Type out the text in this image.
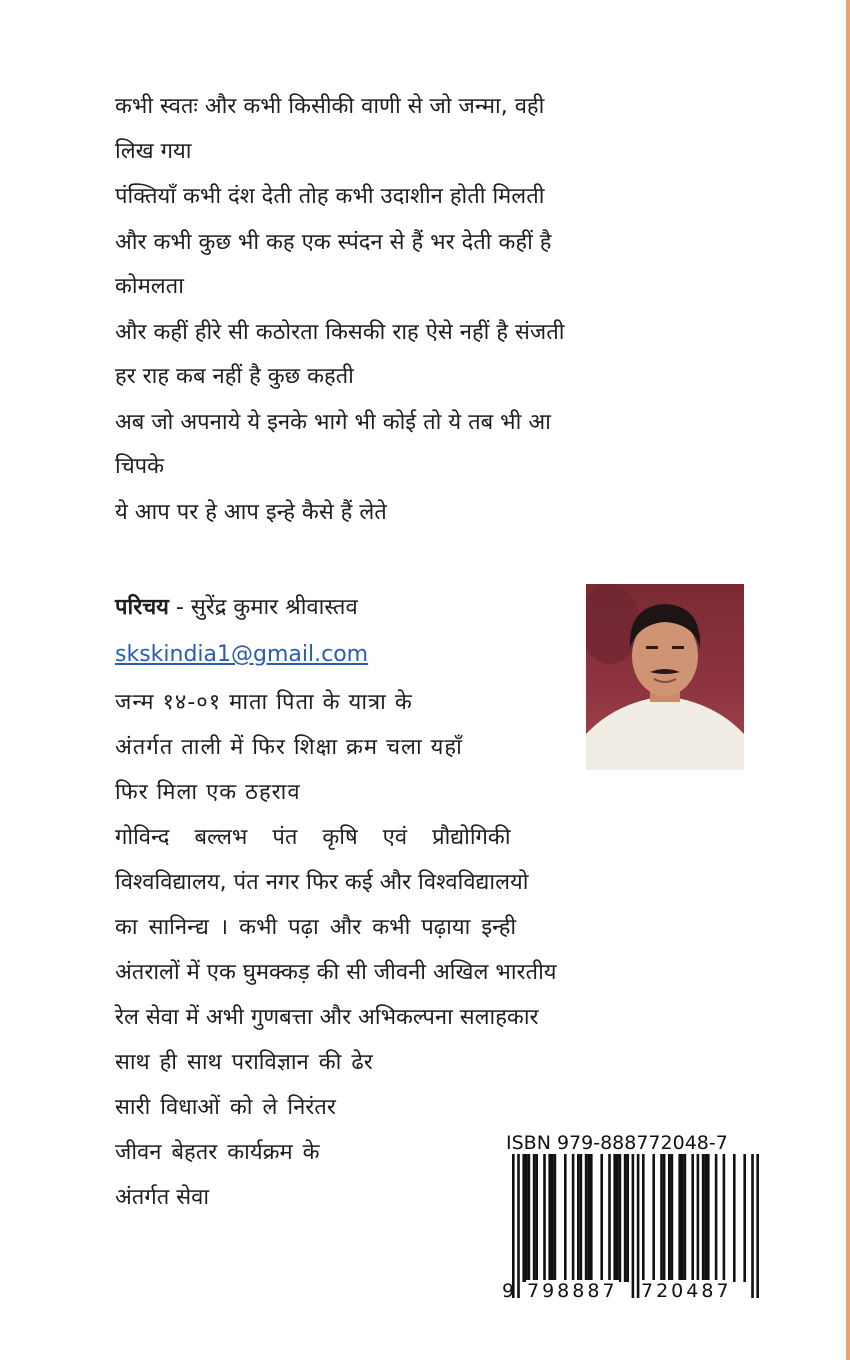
कभी स्वतः और कभी किसीकी वाणी से जो जन्मा, वही

लिख गया

पंक्तियाँ कभी दंश देती तोह कभी उदाशीन होती मिलती

और कभी कुछ भी कह एक स्पंदन से हैं भर देती कहीं है

कोमलता

और कहीं हीरे सी कठोरता किसकी राह ऐसे नहीं है संजती

हर राह कब नहीं है कुछ कहती

अब जो अपनाये ये इनके भागे भी कोई तो ये तब भी आ

चिपके

ये आप पर हे आप इन्हे कैसे हैं लेते

परिचय - सुरेंद्र कुमार श्रीवास्तव
skskindia1@gmail.com

जन्म १४-०१ माता पिता के यात्रा के

अंतर्गत ताली में फिर शिक्षा क्रम चला यहाँ

फिर मिला एक ठहराव

गोविन्द बल्लभ पंत कृषि एवं प्रौद्योगिकी

विश्वविद्यालय, पंत नगर फिर कई और विश्वविद्यालयो

का सानिन्द्य । कभी पढ़ा और कभी पढ़ाया इन्ही

अंतरालों में एक घुमक्कड़ की सी जीवनी अखिल भारतीय

रेल सेवा में अभी गुणबत्ता और अभिकल्पना सलाहकार

साथ ही साथ पराविज्ञान की ढेर

सारी विधाओं को ले निरंतर

जीवन बेहतर कार्यक्रम के

अंतर्गत सेवा

ISBN 979-888772048-7
9 798887 720487
